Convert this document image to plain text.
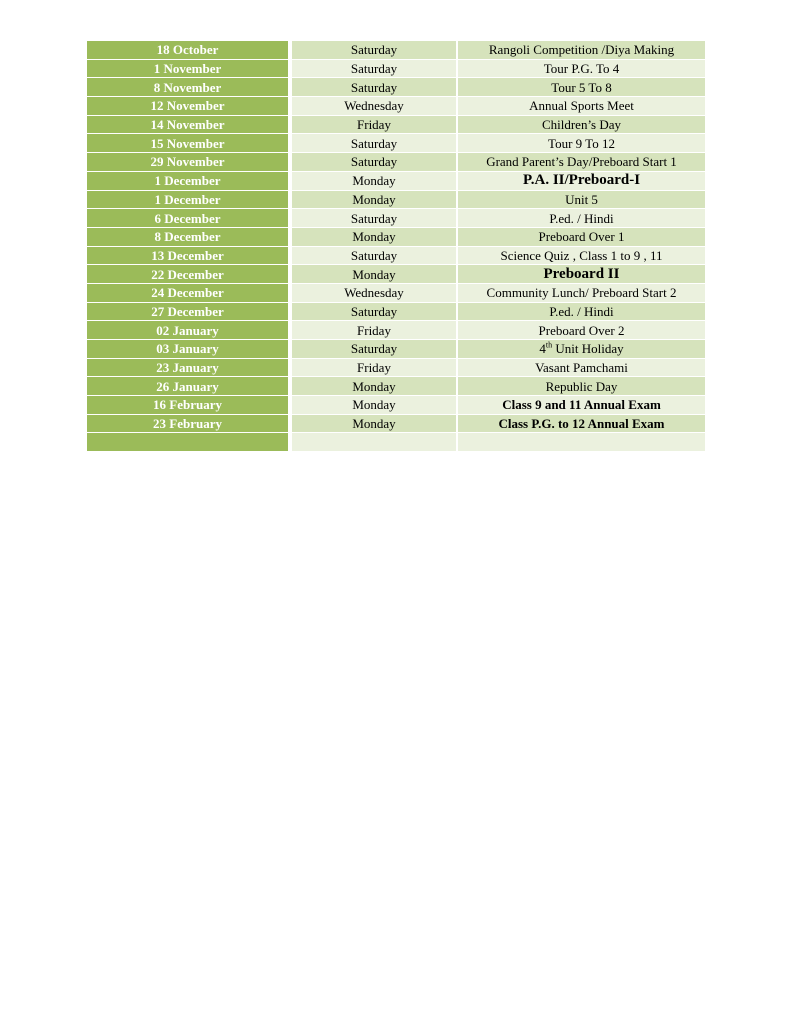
18 October	Saturday	Rangoli Competition /Diya Making
1 November	Saturday	Tour P.G. To 4
8 November	Saturday	Tour 5 To 8
12 November	Wednesday	Annual Sports Meet
14 November	Friday	Children’s Day
15 November	Saturday	Tour 9 To 12
29 November	Saturday	Grand Parent’s Day/Preboard Start 1
1 December	Monday	P.A. II/Preboard-I
1 December	Monday	Unit 5
6 December	Saturday	P.ed. / Hindi
8 December	Monday	Preboard Over 1
13 December	Saturday	Science Quiz , Class 1 to 9 , 11
22 December	Monday	Preboard II
24 December	Wednesday	Community Lunch/ Preboard Start 2
27 December	Saturday	P.ed. / Hindi
02 January	Friday	Preboard Over 2
03 January	Saturday	4th Unit Holiday
23 January	Friday	Vasant Pamchami
26 January	Monday	Republic Day
16 February	Monday	Class 9 and 11 Annual Exam
23 February	Monday	Class P.G. to 12 Annual Exam
